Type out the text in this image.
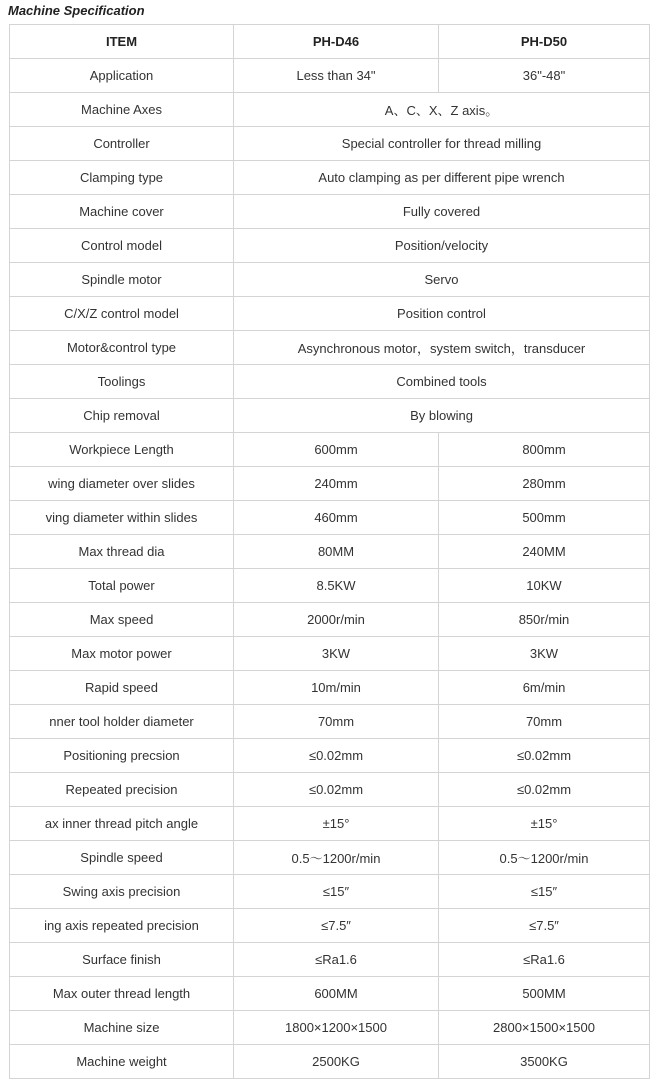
Machine Specification
ITEM	PH-D46	PH-D50

Application	Less than 34"	36"-48"

Machine Axes	A、C、X、Z axis。	

Controller	Special controller for thread milling	

Clamping type	Auto clamping as per different pipe wrench	

Machine cover	Fully covered	

Control model	Position/velocity	

Spindle motor	Servo	

C/X/Z control model	Position control	

Motor&control type	Asynchronous motor，system switch，transducer	

Toolings	Combined tools	

Chip removal	By blowing	

Workpiece Length	600mm	800mm

wing diameter over slides	240mm	280mm

ving diameter within slides	460mm	500mm

Max thread dia	80MM	240MM

Total power	8.5KW	10KW

Max speed	2000r/min	850r/min

Max motor power	3KW	3KW

Rapid speed	10m/min	6m/min

nner tool holder diameter	70mm	70mm

Positioning precsion	≤0.02mm	≤0.02mm

Repeated precision	≤0.02mm	≤0.02mm

ax inner thread pitch angle	±15°	±15°

Spindle speed	0.5～1200r/min	0.5～1200r/min

Swing axis precision	≤15″	≤15″

ing axis repeated precision	≤7.5″	≤7.5″

Surface finish	≤Ra1.6	≤Ra1.6

Max outer thread length	600MM	500MM

Machine size	1800×1200×1500	2800×1500×1500

Machine weight	2500KG	3500KG
